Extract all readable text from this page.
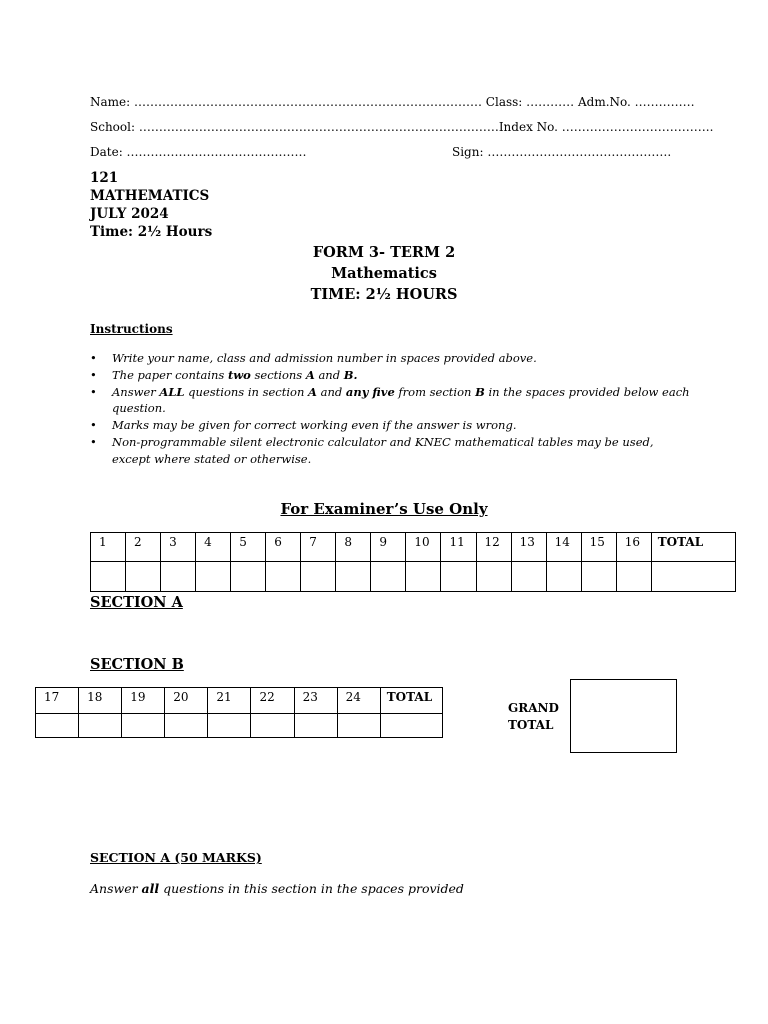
Name: …………………………………………………………………………… Class: ………… Adm.No. ……………
School: ………………………………………………………………………………Index No. ………………………………..
Date: ………………………………………	Sign: ……………………………………….
121
MATHEMATICS
JULY 2024
Time: 2½ Hours
FORM 3- TERM 2
Mathematics
TIME: 2½ HOURS
Instructions
• Write your name, class and admission number in spaces provided above.
• The paper contains two sections A and B.
• Answer ALL questions in section A and any five from section B in the spaces provided below each question.
• Marks may be given for correct working even if the answer is wrong.
• Non-programmable silent electronic calculator and KNEC mathematical tables may be used, except where stated or otherwise.
For Examiner’s Use Only
1	2	3	4	5	6	7	8	9	10	11	12	13	14	15	16	TOTAL

SECTION A
SECTION B
17	18	19	20	21	22	23	24	TOTAL

GRAND
TOTAL
SECTION A (50 MARKS)
Answer all questions in this section in the spaces provided
